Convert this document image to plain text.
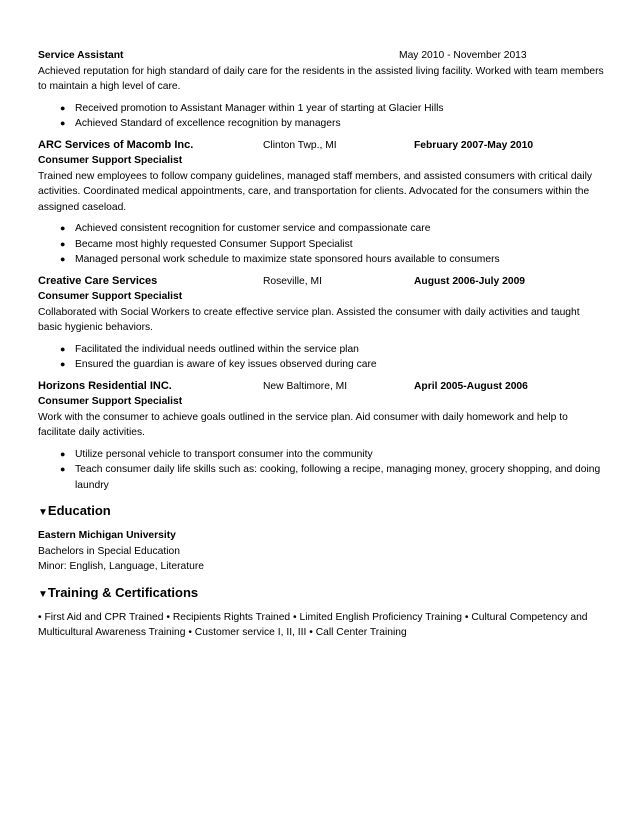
Service Assistant	May 2010 - November 2013

Achieved reputation for high standard of daily care for the residents in the assisted living facility. Worked with team members to maintain a high level of care.

● Received promotion to Assistant Manager within 1 year of starting at Glacier Hills
● Achieved Standard of excellence recognition by managers
ARC Services of Macomb Inc.	Clinton Twp., MI	February 2007-May 2010
Consumer Support Specialist

Trained new employees to follow company guidelines, managed staff members, and assisted consumers with critical daily activities. Coordinated medical appointments, care, and transportation for clients. Advocated for the consumers within the assigned caseload.

● Achieved consistent recognition for customer service and compassionate care
● Became most highly requested Consumer Support Specialist
● Managed personal work schedule to maximize state sponsored hours available to consumers
Creative Care Services	Roseville, MI	August 2006-July 2009
Consumer Support Specialist

Collaborated with Social Workers to create effective service plan. Assisted the consumer with daily activities and taught basic hygienic behaviors.

● Facilitated the individual needs outlined within the service plan
● Ensured the guardian is aware of key issues observed during care
Horizons Residential INC.	New Baltimore, MI	April 2005-August 2006
Consumer Support Specialist

Work with the consumer to achieve goals outlined in the service plan. Aid consumer with daily homework and help to facilitate daily activities.

● Utilize personal vehicle to transport consumer into the community
● Teach consumer daily life skills such as: cooking, following a recipe, managing money, grocery shopping, and doing laundry
▼Education
Eastern Michigan University
Bachelors in Special Education
Minor: English, Language, Literature
▼Training & Certifications

• First Aid and CPR Trained • Recipients Rights Trained • Limited English Proficiency Training • Cultural Competency and Multicultural Awareness Training • Customer service I, II, III • Call Center Training
